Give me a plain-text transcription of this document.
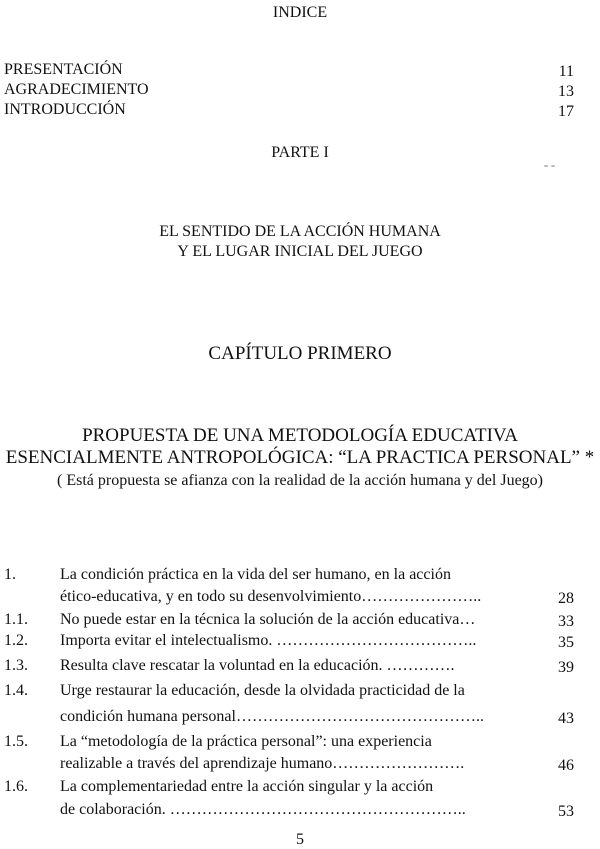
INDICE
PRESENTACIÓN	11
AGRADECIMIENTO	13
INTRODUCCIÓN	17
PARTE I
EL SENTIDO DE LA ACCIÓN HUMANA
Y EL LUGAR INICIAL DEL JUEGO
CAPÍTULO PRIMERO
PROPUESTA DE UNA METODOLOGÍA EDUCATIVA
ESENCIALMENTE ANTROPOLÓGICA: “LA PRACTICA PERSONAL” *
( Está propuesta se afianza con la realidad de la acción humana y del Juego)
1.	La condición práctica en la vida del ser humano, en la acción
ético-educativa, y en todo su desenvolvimiento…………………..	28
1.1. No puede estar en la técnica la solución de la acción educativa…	33
1.2. Importa evitar el intelectualismo. ………………………………..	35
1.3. Resulta clave rescatar la voluntad en la educación. ………….	39
1.4. Urge restaurar la educación, desde la olvidada practicidad de la
condición humana personal………………………………………..	43
1.5. La “metodología de la práctica personal”: una experiencia
realizable a través del aprendizaje humano…………………….	46
1.6. La complementariedad entre la acción singular y la acción
de colaboración. ………………………………………………..	53
5
